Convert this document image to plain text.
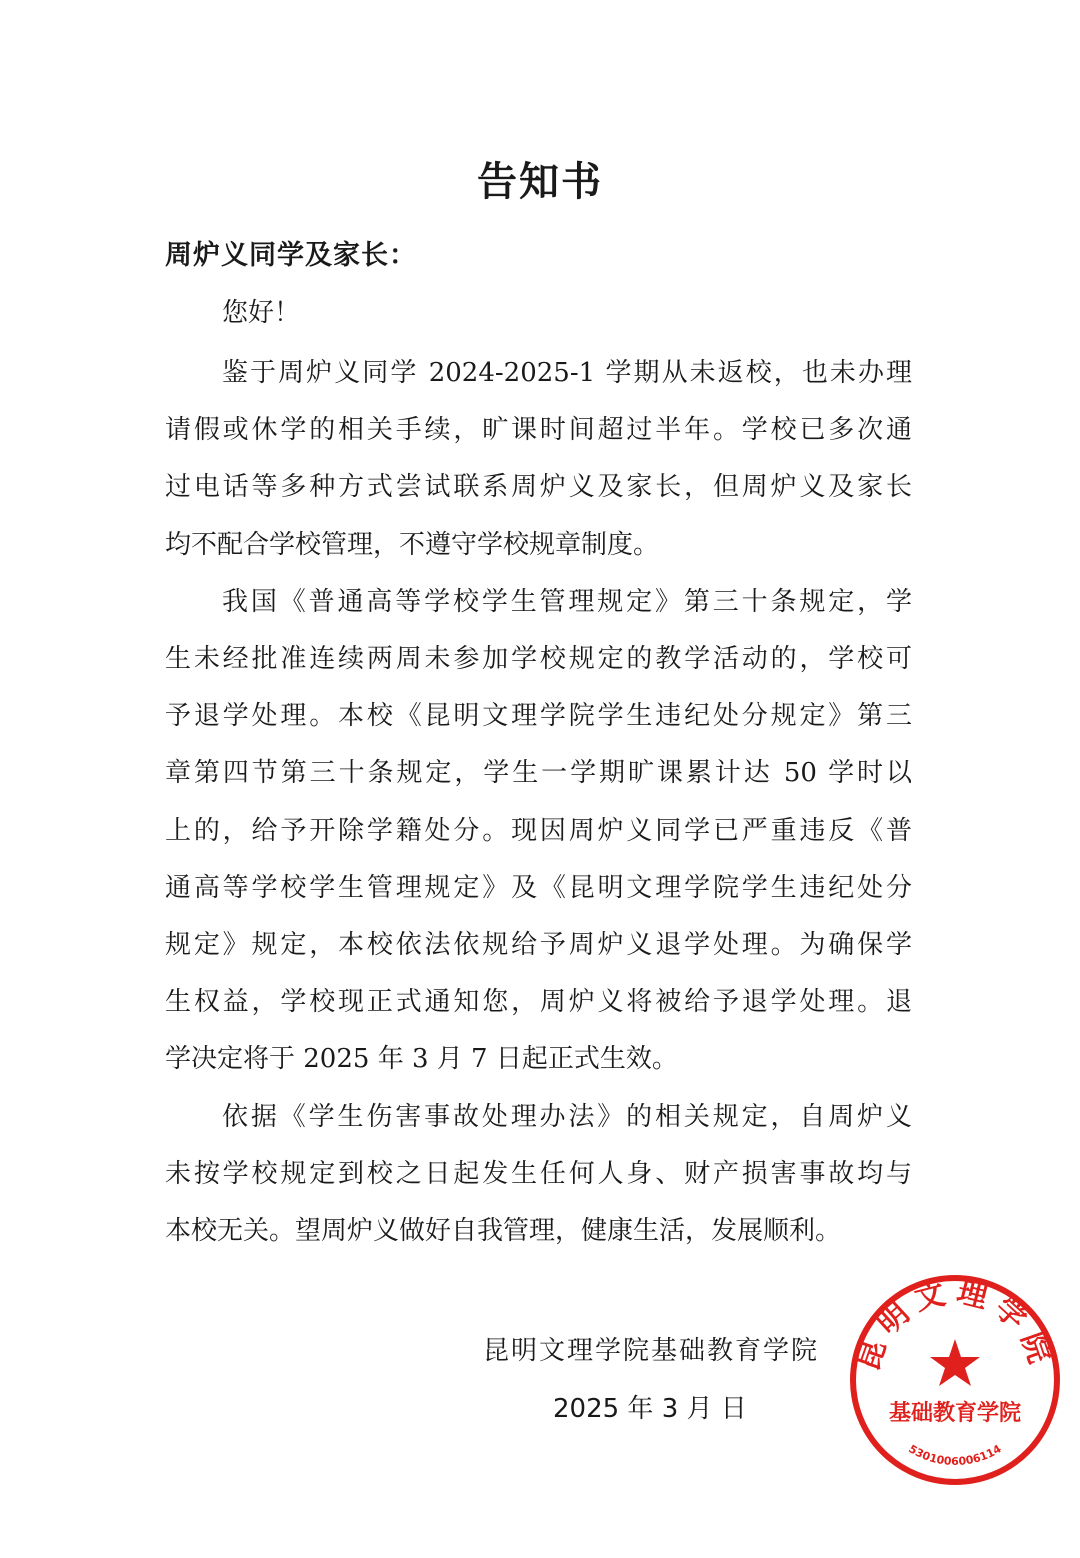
告知书
周炉义同学及家长：
您好！
鉴于周炉义同学 2024-2025-1 学期从未返校，也未办理
请假或休学的相关手续，旷课时间超过半年。学校已多次通
过电话等多种方式尝试联系周炉义及家长，但周炉义及家长
均不配合学校管理，不遵守学校规章制度。
我国《普通高等学校学生管理规定》第三十条规定，学
生未经批准连续两周未参加学校规定的教学活动的，学校可
予退学处理。本校《昆明文理学院学生违纪处分规定》第三
章第四节第三十条规定，学生一学期旷课累计达 50 学时以
上的，给予开除学籍处分。现因周炉义同学已严重违反《普
通高等学校学生管理规定》及《昆明文理学院学生违纪处分
规定》规定，本校依法依规给予周炉义退学处理。为确保学
生权益，学校现正式通知您，周炉义将被给予退学处理。退
学决定将于 2025 年 3 月 7 日起正式生效。
依据《学生伤害事故处理办法》的相关规定，自周炉义
未按学校规定到校之日起发生任何人身、财产损害事故均与
本校无关。望周炉义做好自我管理，健康生活，发展顺利。
昆明文理学院基础教育学院
2025 年 3 月 日
昆明文理学院
基础教育学院
5301006006114
